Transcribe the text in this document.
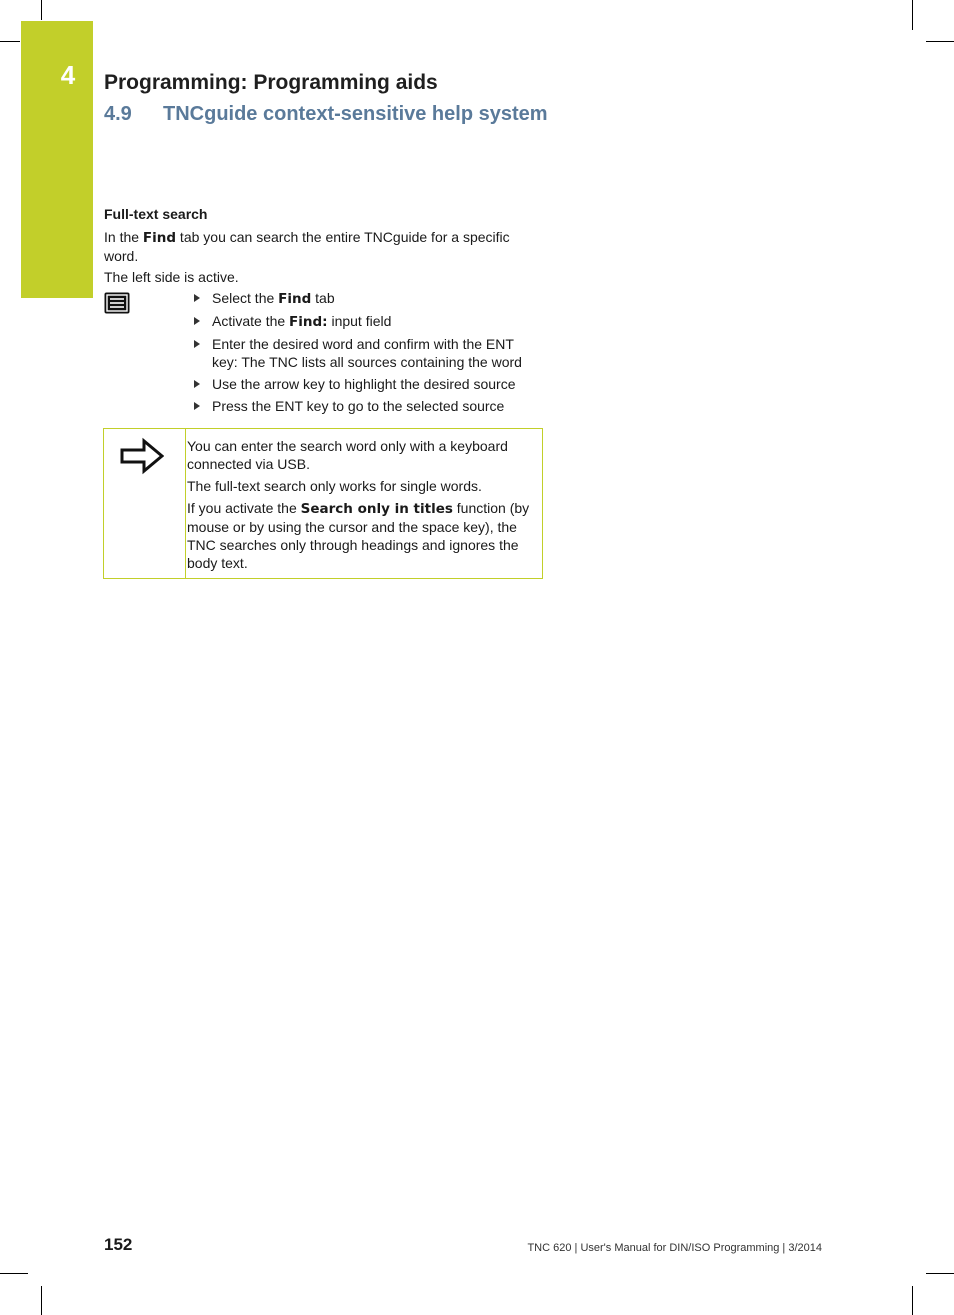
4 Programming: Programming aids
4.9 TNCguide context-sensitive help system
Full-text search
In the Find tab you can search the entire TNCguide for a specific word.
The left side is active.
Select the Find tab
Activate the Find: input field
Enter the desired word and confirm with the ENT key: The TNC lists all sources containing the word
Use the arrow key to highlight the desired source
Press the ENT key to go to the selected source

You can enter the search word only with a keyboard connected via USB.

The full-text search only works for single words.

If you activate the Search only in titles function (by mouse or by using the cursor and the space key), the TNC searches only through headings and ignores the body text.

152	TNC 620 | User's Manual for DIN/ISO Programming | 3/2014
